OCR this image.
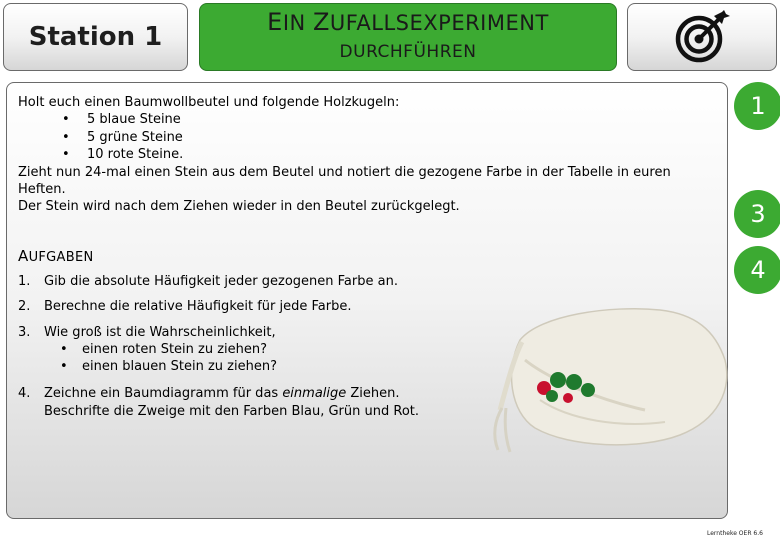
Station 1	EIN ZUFALLSEXPERIMENT
DURCHFÜHREN

Holt euch einen Baumwollbeutel und folgende Holzkugeln:

• 5 blaue Steine
• 5 grüne Steine
• 10 rote Steine.

Zieht nun 24-mal einen Stein aus dem Beutel und notiert die gezogene Farbe in der Tabelle in euren Heften.

Der Stein wird nach dem Ziehen wieder in den Beutel zurückgelegt.

AUFGABEN
1. Gib die absolute Häufigkeit jeder gezogenen Farbe an.
2. Berechne die relative Häufigkeit für jede Farbe.
3. Wie groß ist die Wahrscheinlichkeit,
• einen roten Stein zu ziehen?
• einen blauen Stein zu ziehen?
4. Zeichne ein Baumdiagramm für das einmalige Ziehen.
Beschrifte die Zweige mit den Farben Blau, Grün und Rot.
1
3
4
Lerntheke OER 6.6
